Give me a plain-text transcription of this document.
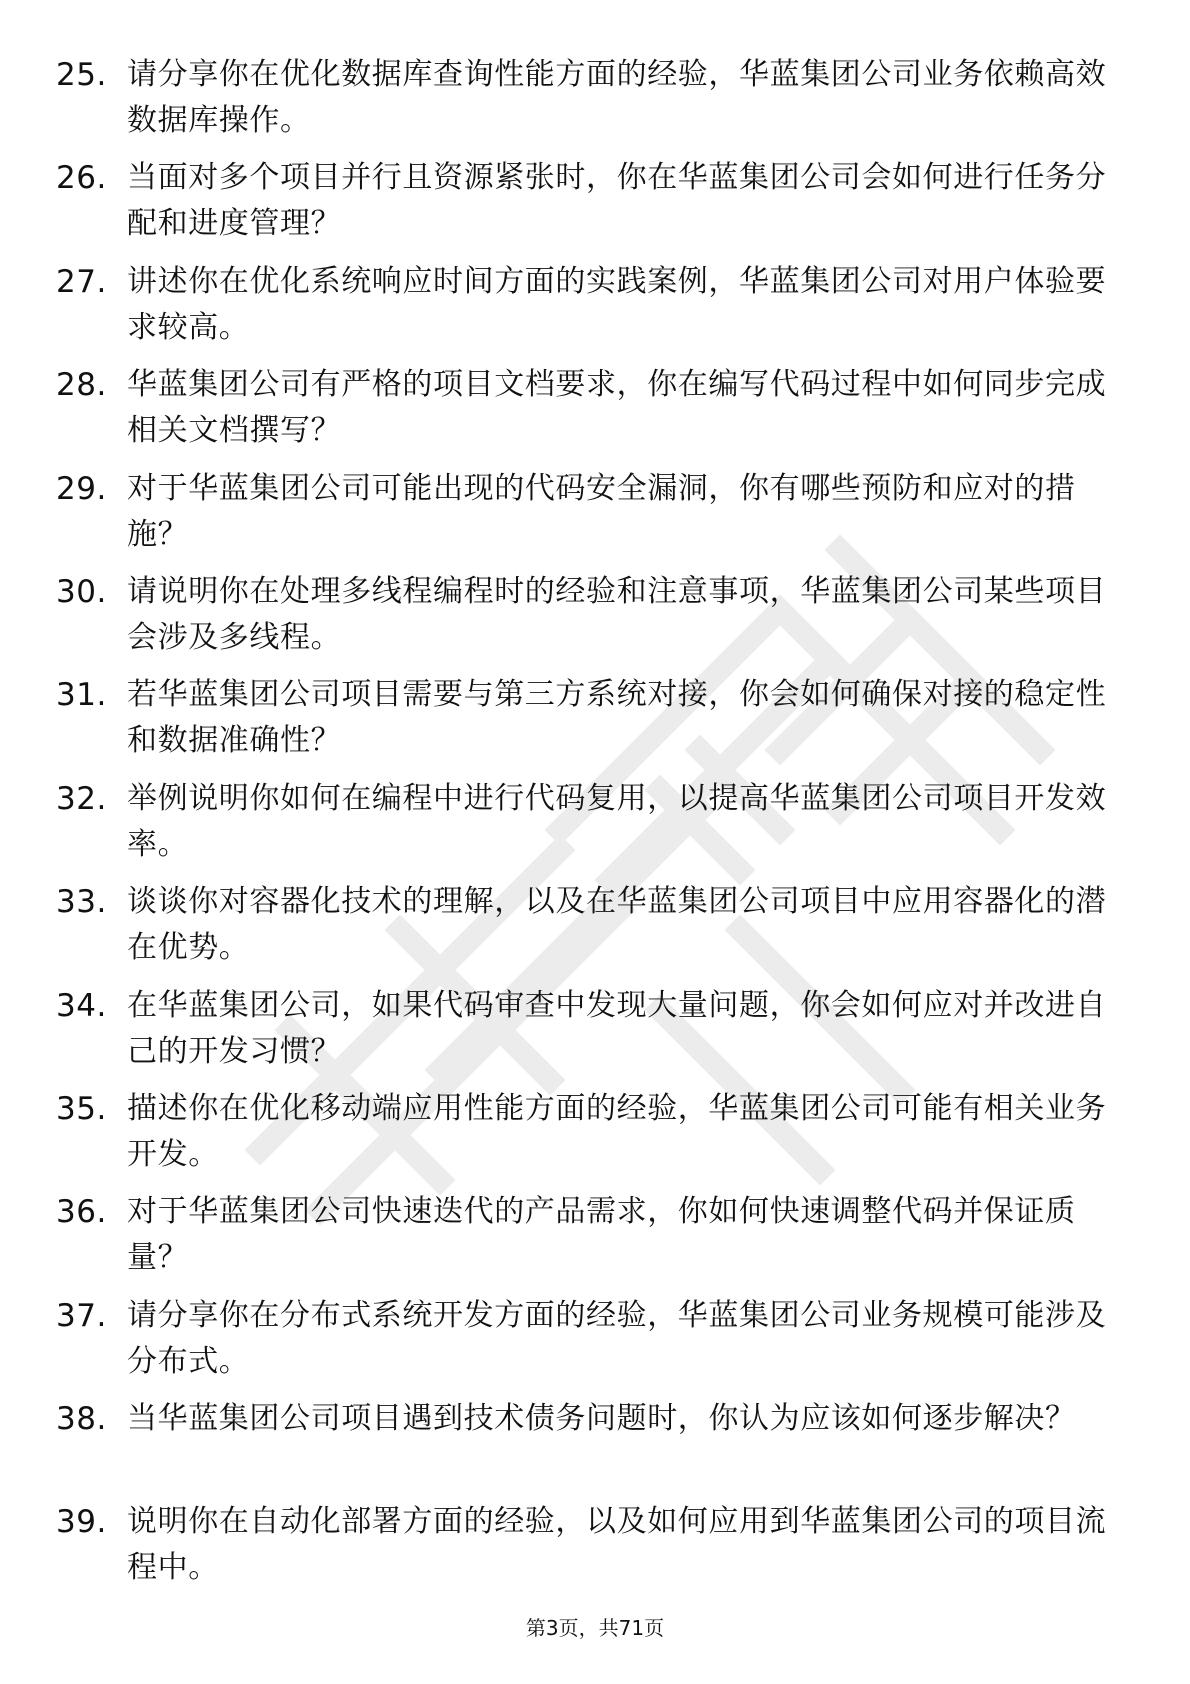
25. 请分享你在优化数据库查询性能方面的经验，华蓝集团公司业务依赖高效数据库操作。
26. 当面对多个项目并行且资源紧张时，你在华蓝集团公司会如何进行任务分配和进度管理？
27. 讲述你在优化系统响应时间方面的实践案例，华蓝集团公司对用户体验要求较高。
28. 华蓝集团公司有严格的项目文档要求，你在编写代码过程中如何同步完成相关文档撰写？
29. 对于华蓝集团公司可能出现的代码安全漏洞，你有哪些预防和应对的措施？
30. 请说明你在处理多线程编程时的经验和注意事项，华蓝集团公司某些项目会涉及多线程。
31. 若华蓝集团公司项目需要与第三方系统对接，你会如何确保对接的稳定性和数据准确性？
32. 举例说明你如何在编程中进行代码复用，以提高华蓝集团公司项目开发效率。
33. 谈谈你对容器化技术的理解，以及在华蓝集团公司项目中应用容器化的潜在优势。
34. 在华蓝集团公司，如果代码审查中发现大量问题，你会如何应对并改进自己的开发习惯？
35. 描述你在优化移动端应用性能方面的经验，华蓝集团公司可能有相关业务开发。
36. 对于华蓝集团公司快速迭代的产品需求，你如何快速调整代码并保证质量？
37. 请分享你在分布式系统开发方面的经验，华蓝集团公司业务规模可能涉及分布式。
38. 当华蓝集团公司项目遇到技术债务问题时，你认为应该如何逐步解决？
39. 说明你在自动化部署方面的经验，以及如何应用到华蓝集团公司的项目流程中。
第3页，共71页
